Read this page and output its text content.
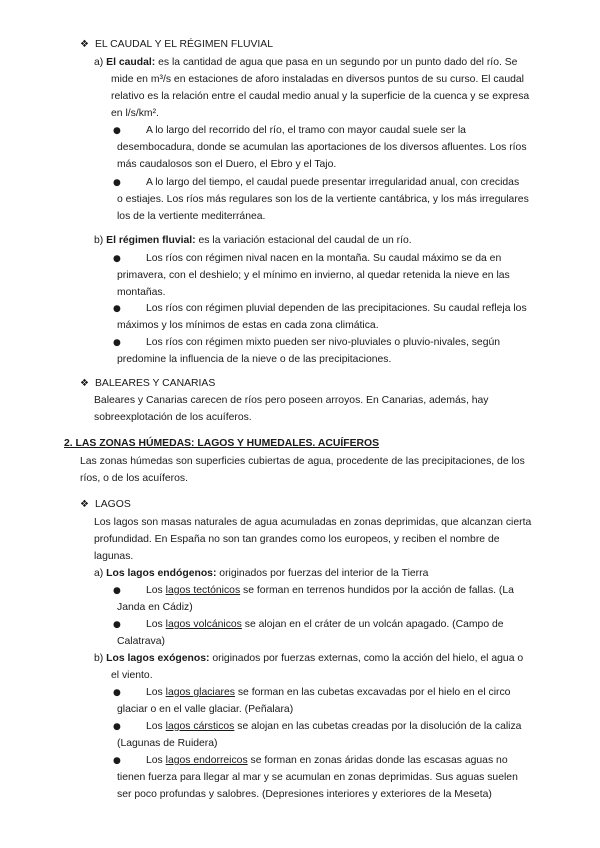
❖ EL CAUDAL Y EL RÉGIMEN FLUVIAL
a) El caudal: es la cantidad de agua que pasa en un segundo por un punto dado del río. Se
mide en m³/s en estaciones de aforo instaladas en diversos puntos de su curso. El caudal
relativo es la relación entre el caudal medio anual y la superficie de la cuenca y se expresa
en l/s/km².
● A lo largo del recorrido del río, el tramo con mayor caudal suele ser la
desembocadura, donde se acumulan las aportaciones de los diversos afluentes. Los ríos
más caudalosos son el Duero, el Ebro y el Tajo.
● A lo largo del tiempo, el caudal puede presentar irregularidad anual, con crecidas
o estiajes. Los ríos más regulares son los de la vertiente cantábrica, y los más irregulares
los de la vertiente mediterránea.
b) El régimen fluvial: es la variación estacional del caudal de un río.
● Los ríos con régimen nival nacen en la montaña. Su caudal máximo se da en
primavera, con el deshielo; y el mínimo en invierno, al quedar retenida la nieve en las
montañas.
● Los ríos con régimen pluvial dependen de las precipitaciones. Su caudal refleja los
máximos y los mínimos de estas en cada zona climática.
● Los ríos con régimen mixto pueden ser nivo-pluviales o pluvio-nivales, según
predomine la influencia de la nieve o de las precipitaciones.
❖ BALEARES Y CANARIAS
Baleares y Canarias carecen de ríos pero poseen arroyos. En Canarias, además, hay
sobreexplotación de los acuíferos.
2. LAS ZONAS HÚMEDAS: LAGOS Y HUMEDALES. ACUÍFEROS
Las zonas húmedas son superficies cubiertas de agua, procedente de las precipitaciones, de los
ríos, o de los acuíferos.
❖ LAGOS
Los lagos son masas naturales de agua acumuladas en zonas deprimidas, que alcanzan cierta
profundidad. En España no son tan grandes como los europeos, y reciben el nombre de
lagunas.
a) Los lagos endógenos: originados por fuerzas del interior de la Tierra
● Los lagos tectónicos se forman en terrenos hundidos por la acción de fallas. (La
Janda en Cádiz)
● Los lagos volcánicos se alojan en el cráter de un volcán apagado. (Campo de
Calatrava)
b) Los lagos exógenos: originados por fuerzas externas, como la acción del hielo, el agua o
el viento.
● Los lagos glaciares se forman en las cubetas excavadas por el hielo en el circo
glaciar o en el valle glaciar. (Peñalara)
● Los lagos cársticos se alojan en las cubetas creadas por la disolución de la caliza
(Lagunas de Ruidera)
● Los lagos endorreicos se forman en zonas áridas donde las escasas aguas no
tienen fuerza para llegar al mar y se acumulan en zonas deprimidas. Sus aguas suelen
ser poco profundas y salobres. (Depresiones interiores y exteriores de la Meseta)
